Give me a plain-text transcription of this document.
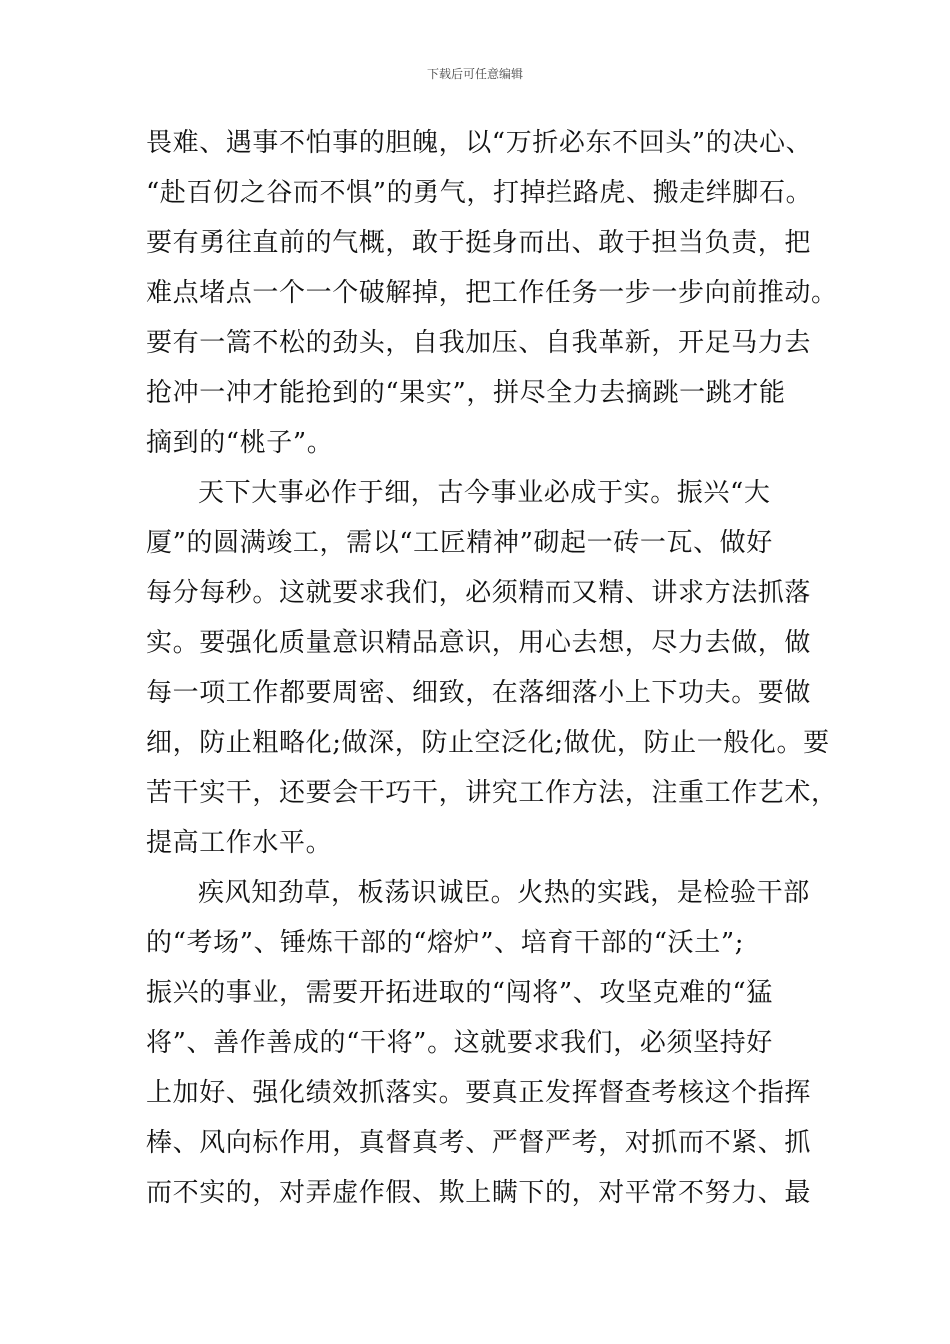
下载后可任意编辑

畏难、遇事不怕事的胆魄，以“万折必东不回头”的决心、
“赴百仞之谷而不惧”的勇气，打掉拦路虎、搬走绊脚石。
要有勇往直前的气概，敢于挺身而出、敢于担当负责，把
难点堵点一个一个破解掉，把工作任务一步一步向前推动。
要有一篙不松的劲头，自我加压、自我革新，开足马力去
抢冲一冲才能抢到的“果实”，拼尽全力去摘跳一跳才能
摘到的“桃子”。

天下大事必作于细，古今事业必成于实。振兴“大
厦”的圆满竣工，需以“工匠精神”砌起一砖一瓦、做好
每分每秒。这就要求我们，必须精而又精、讲求方法抓落
实。要强化质量意识精品意识，用心去想，尽力去做，做
每一项工作都要周密、细致，在落细落小上下功夫。要做
细，防止粗略化;做深，防止空泛化;做优，防止一般化。要
苦干实干，还要会干巧干，讲究工作方法，注重工作艺术，
提高工作水平。

疾风知劲草，板荡识诚臣。火热的实践，是检验干部
的“考场”、锤炼干部的“熔炉”、培育干部的“沃土”;
振兴的事业，需要开拓进取的“闯将”、攻坚克难的“猛
将”、善作善成的“干将”。这就要求我们，必须坚持好
上加好、强化绩效抓落实。要真正发挥督查考核这个指挥
棒、风向标作用，真督真考、严督严考，对抓而不紧、抓
而不实的，对弄虚作假、欺上瞒下的，对平常不努力、最
